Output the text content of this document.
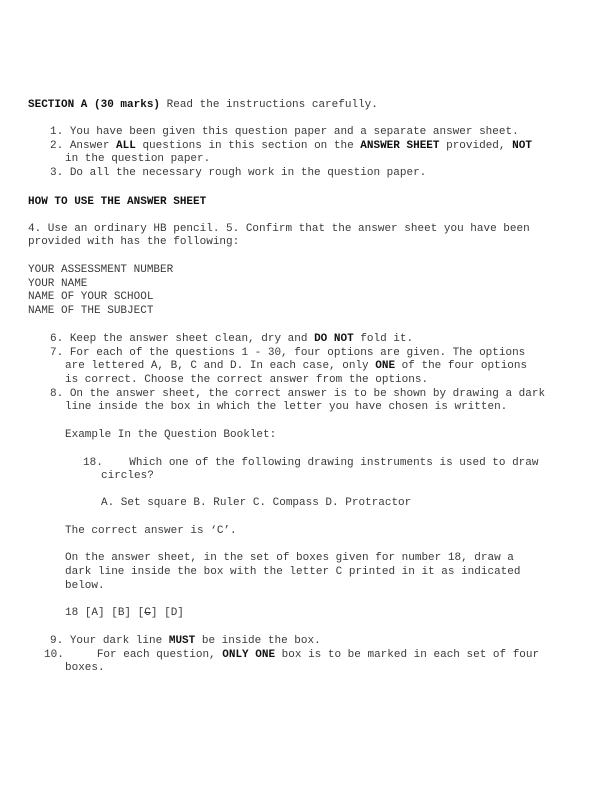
SECTION A (30 marks) Read the instructions carefully.
1. You have been given this question paper and a separate answer sheet.
2. Answer ALL questions in this section on the ANSWER SHEET provided, NOT
in the question paper.
3. Do all the necessary rough work in the question paper.
HOW TO USE THE ANSWER SHEET
4. Use an ordinary HB pencil. 5. Confirm that the answer sheet you have been
provided with has the following:
YOUR ASSESSMENT NUMBER
YOUR NAME
NAME OF YOUR SCHOOL
NAME OF THE SUBJECT
6. Keep the answer sheet clean, dry and DO NOT fold it.
7. For each of the questions 1 - 30, four options are given. The options
are lettered A, B, C and D. In each case, only ONE of the four options
is correct. Choose the correct answer from the options.
8. On the answer sheet, the correct answer is to be shown by drawing a dark
line inside the box in which the letter you have chosen is written.
Example In the Question Booklet:
18. Which one of the following drawing instruments is used to draw
circles?
A. Set square B. Ruler C. Compass D. Protractor
The correct answer is ‘C’.
On the answer sheet, in the set of boxes given for number 18, draw a
dark line inside the box with the letter C printed in it as indicated
below.
18 [A] [B] [C] [D]
9. Your dark line MUST be inside the box.
10.	For each question, ONLY ONE box is to be marked in each set of four
boxes.
